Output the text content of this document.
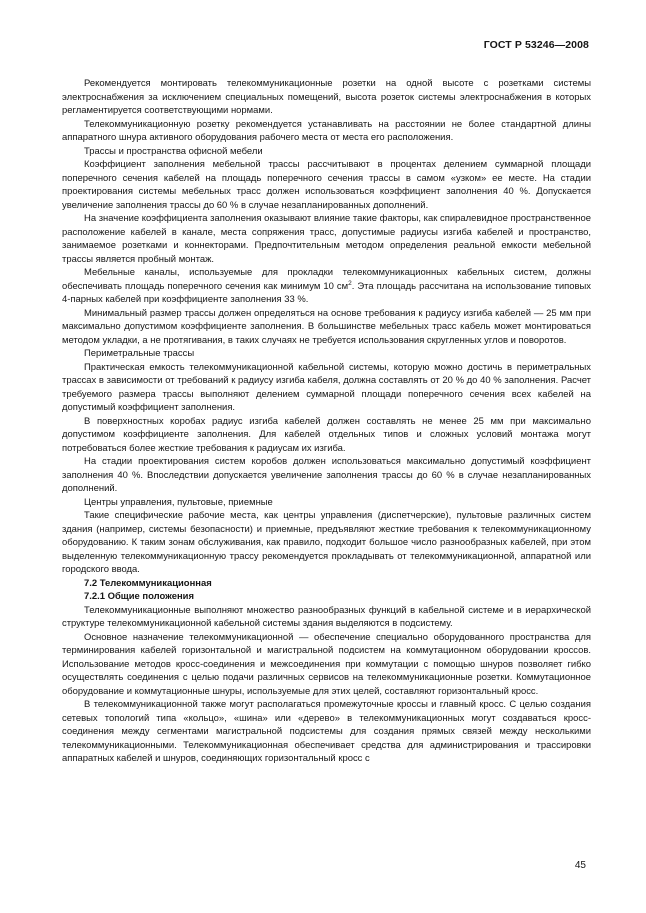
ГОСТ Р 53246—2008

Рекомендуется монтировать телекоммуникационные розетки на одной высоте с розетками системы электроснабжения за исключением специальных помещений, высота розеток системы электроснабжения в которых регламентируется соответствующими нормами.

Телекоммуникационную розетку рекомендуется устанавливать на расстоянии не более стандартной длины аппаратного шнура активного оборудования рабочего места от места его расположения.

Трассы и пространства офисной мебели

Коэффициент заполнения мебельной трассы рассчитывают в процентах делением суммарной площади поперечного сечения кабелей на площадь поперечного сечения трассы в самом «узком» ее месте. На стадии проектирования системы мебельных трасс должен использоваться коэффициент заполнения 40 %. Допускается увеличение заполнения трассы до 60 % в случае незапланированных дополнений.

На значение коэффициента заполнения оказывают влияние такие факторы, как спиралевидное пространственное расположение кабелей в канале, места сопряжения трасс, допустимые радиусы изгиба кабелей и пространство, занимаемое розетками и коннекторами. Предпочтительным методом определения реальной емкости мебельной трассы является пробный монтаж.

Мебельные каналы, используемые для прокладки телекоммуникационных кабельных систем, должны обеспечивать площадь поперечного сечения как минимум 10 $см^2$. Эта площадь рассчитана на использование типовых 4-парных кабелей при коэффициенте заполнения 33 %.

Минимальный размер трассы должен определяться на основе требования к радиусу изгиба кабелей — 25 мм при максимально допустимом коэффициенте заполнения. В большинстве мебельных трасс кабель может монтироваться методом укладки, а не протягивания, в таких случаях не требуется использования скругленных углов и поворотов.

Периметральные трассы

Практическая емкость телекоммуникационной кабельной системы, которую можно достичь в периметральных трассах в зависимости от требований к радиусу изгиба кабеля, должна составлять от 20 % до 40 % заполнения. Расчет требуемого размера трассы выполняют делением суммарной площади поперечного сечения всех кабелей на допустимый коэффициент заполнения.

В поверхностных коробах радиус изгиба кабелей должен составлять не менее 25 мм при максимально допустимом коэффициенте заполнения. Для кабелей отдельных типов и сложных условий монтажа могут потребоваться более жесткие требования к радиусам их изгиба.

На стадии проектирования систем коробов должен использоваться максимально допустимый коэффициент заполнения 40 %. Впоследствии допускается увеличение заполнения трассы до 60 % в случае незапланированных дополнений.

Центры управления, пультовые, приемные

Такие специфические рабочие места, как центры управления (диспетчерские), пультовые различных систем здания (например, системы безопасности) и приемные, предъявляют жесткие требования к телекоммуникационному оборудованию. К таким зонам обслуживания, как правило, подходит большое число разнообразных кабелей, при этом выделенную телекоммуникационную трассу рекомендуется прокладывать от телекоммуникационной, аппаратной или городского ввода.

7.2 Телекоммуникационная

7.2.1 Общие положения

Телекоммуникационные выполняют множество разнообразных функций в кабельной системе и в иерархической структуре телекоммуникационной кабельной системы здания выделяются в подсистему.

Основное назначение телекоммуникационной — обеспечение специально оборудованного пространства для терминирования кабелей горизонтальной и магистральной подсистем на коммутационном оборудовании кроссов. Использование методов кросс-соединения и межсоединения при коммутации с помощью шнуров позволяет гибко осуществлять соединения с целью подачи различных сервисов на телекоммуникационные розетки. Коммутационное оборудование и коммутационные шнуры, используемые для этих целей, составляют горизонтальный кросс.

В телекоммуникационной также могут располагаться промежуточные кроссы и главный кросс. С целью создания сетевых топологий типа «кольцо», «шина» или «дерево» в телекоммуникационных могут создаваться кросс-соединения между сегментами магистральной подсистемы для создания прямых связей между несколькими телекоммуникационными. Телекоммуникационная обеспечивает средства для администрирования и трассировки аппаратных кабелей и шнуров, соединяющих горизонтальный кросс с

45
